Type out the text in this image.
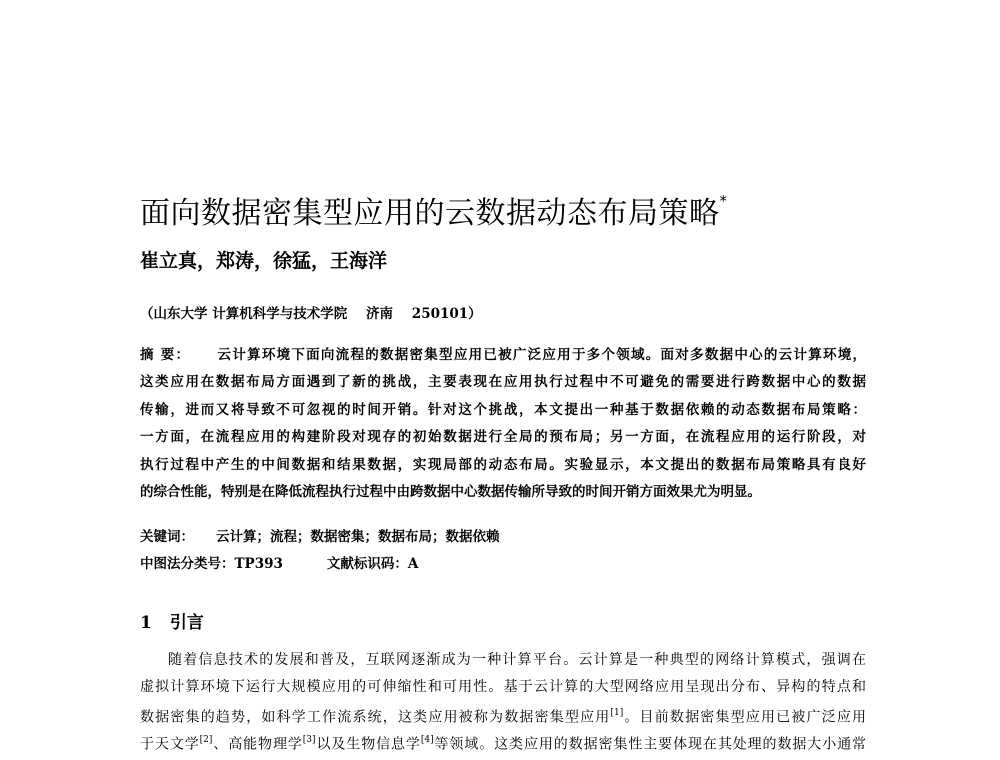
面向数据密集型应用的云数据动态布局策略*
崔立真，郑涛，徐猛，王海洋
（山东大学 计算机科学与技术学院    济南    250101）
摘 要： 云计算环境下面向流程的数据密集型应用已被广泛应用于多个领域。面对多数据中心的云计算环境，
这类应用在数据布局方面遇到了新的挑战，主要表现在应用执行过程中不可避免的需要进行跨数据中心的数据
传输，进而又将导致不可忽视的时间开销。针对这个挑战，本文提出一种基于数据依赖的动态数据布局策略：
一方面，在流程应用的构建阶段对现存的初始数据进行全局的预布局；另一方面，在流程应用的运行阶段，对
执行过程中产生的中间数据和结果数据，实现局部的动态布局。实验显示，本文提出的数据布局策略具有良好
的综合性能，特别是在降低流程执行过程中由跨数据中心数据传输所导致的时间开销方面效果尤为明显。
关键词： 云计算；流程；数据密集；数据布局；数据依赖
中图法分类号：TP393	文献标识码：A
1 引言
随着信息技术的发展和普及，互联网逐渐成为一种计算平台。云计算是一种典型的网络计算模式，强调在
虚拟计算环境下运行大规模应用的可伸缩性和可用性。基于云计算的大型网络应用呈现出分布、异构的特点和
数据密集的趋势，如科学工作流系统，这类应用被称为数据密集型应用[1]。目前数据密集型应用已被广泛应用
于天文学[2]、高能物理学[3]以及生物信息学[4]等领域。这类应用的数据密集性主要体现在其处理的数据大小通常
